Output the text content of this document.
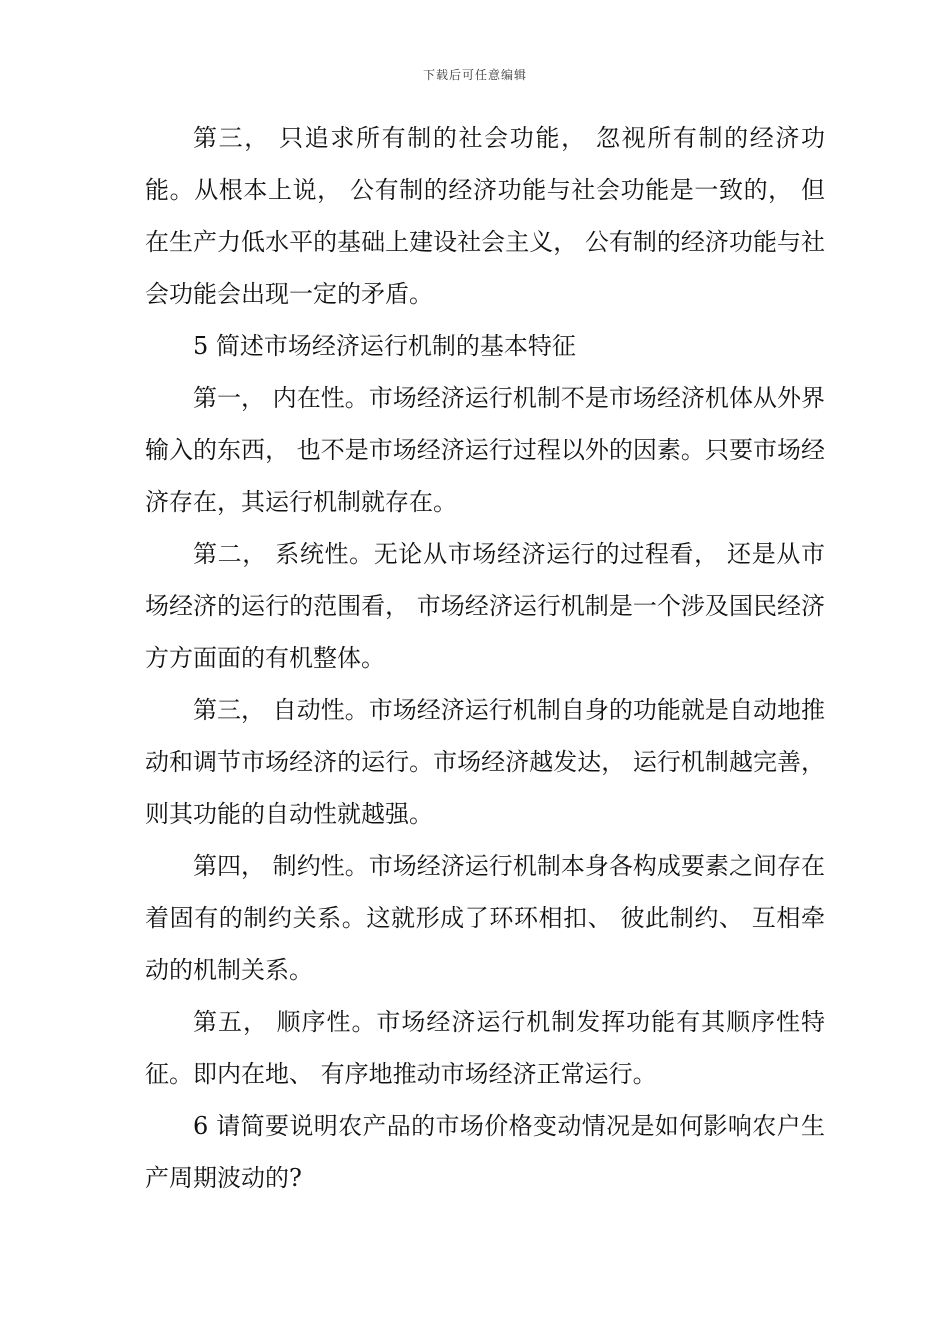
下载后可任意编辑

第三， 只追求所有制的社会功能， 忽视所有制的经济功能。从根本上说， 公有制的经济功能与社会功能是一致的， 但在生产力低水平的基础上建设社会主义， 公有制的经济功能与社会功能会出现一定的矛盾。

5 简述市场经济运行机制的基本特征

第一， 内在性。市场经济运行机制不是市场经济机体从外界输入的东西， 也不是市场经济运行过程以外的因素。只要市场经济存在，其运行机制就存在。

第二， 系统性。无论从市场经济运行的过程看， 还是从市场经济的运行的范围看， 市场经济运行机制是一个涉及国民经济方方面面的有机整体。

第三， 自动性。市场经济运行机制自身的功能就是自动地推动和调节市场经济的运行。市场经济越发达， 运行机制越完善，则其功能的自动性就越强。

第四， 制约性。市场经济运行机制本身各构成要素之间存在着固有的制约关系。这就形成了环环相扣、 彼此制约、 互相牵动的机制关系。

第五， 顺序性。市场经济运行机制发挥功能有其顺序性特征。即内在地、 有序地推动市场经济正常运行。

6 请简要说明农产品的市场价格变动情况是如何影响农户生产周期波动的?
